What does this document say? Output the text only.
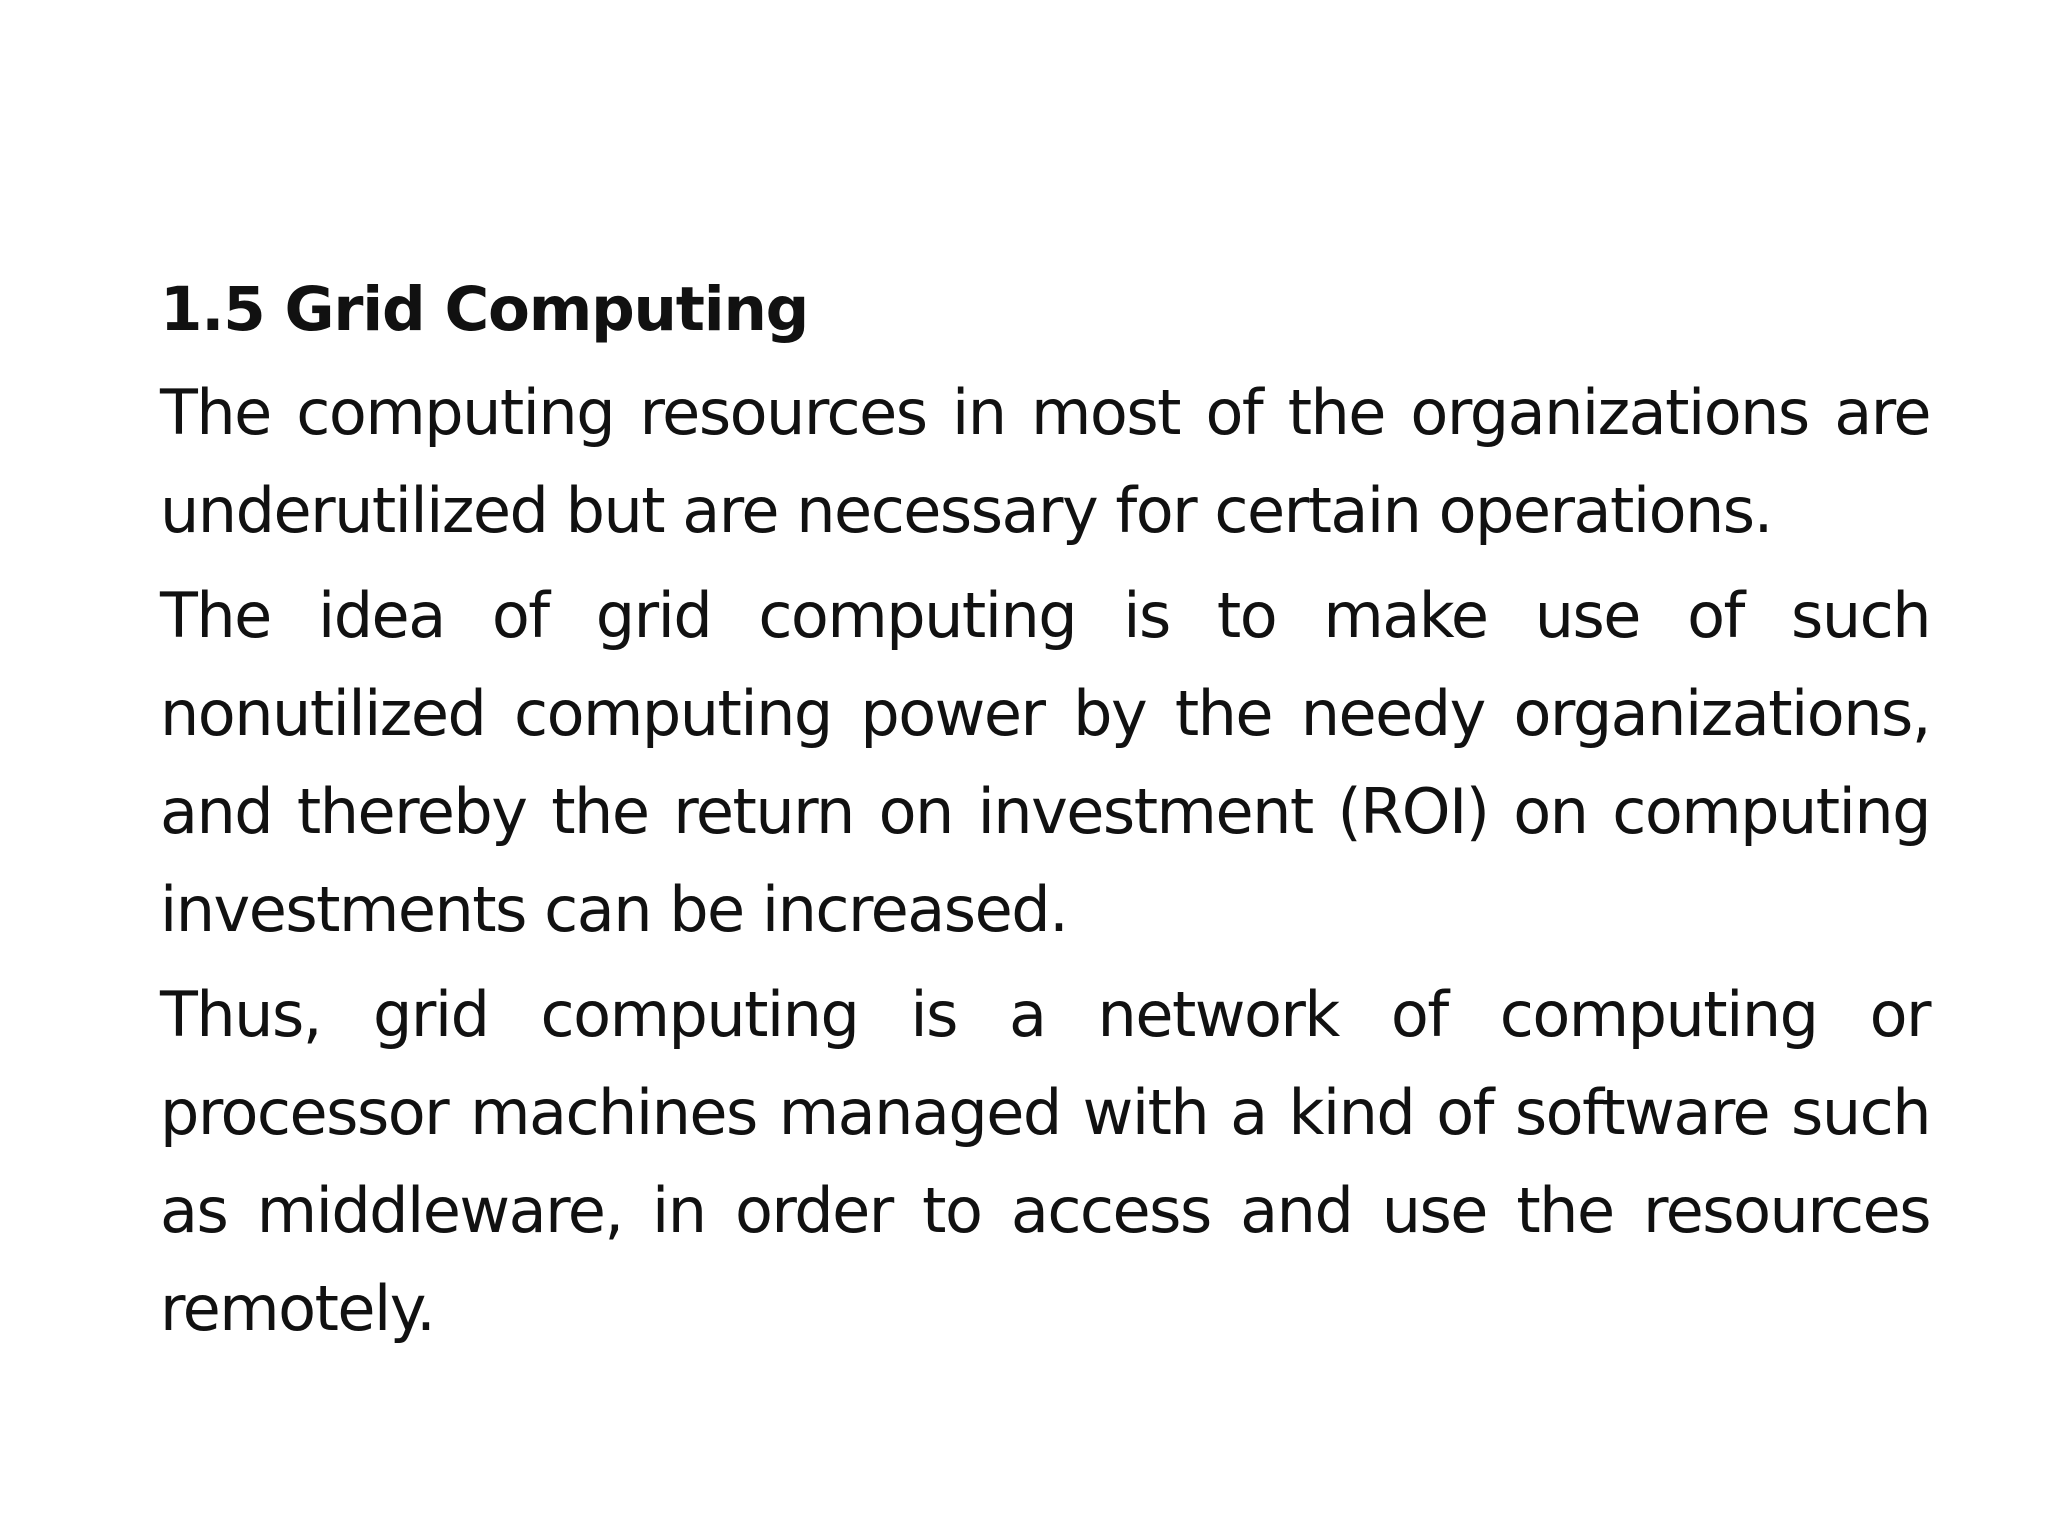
1.5 Grid Computing

The computing resources in most of the organizations are underutilized but are necessary for certain operations.

The idea of grid computing is to make use of such nonutilized computing power by the needy organizations, and thereby the return on investment (ROI) on computing investments can be increased.

Thus, grid computing is a network of computing or processor machines managed with a kind of software such as middleware, in order to access and use the resources remotely.
